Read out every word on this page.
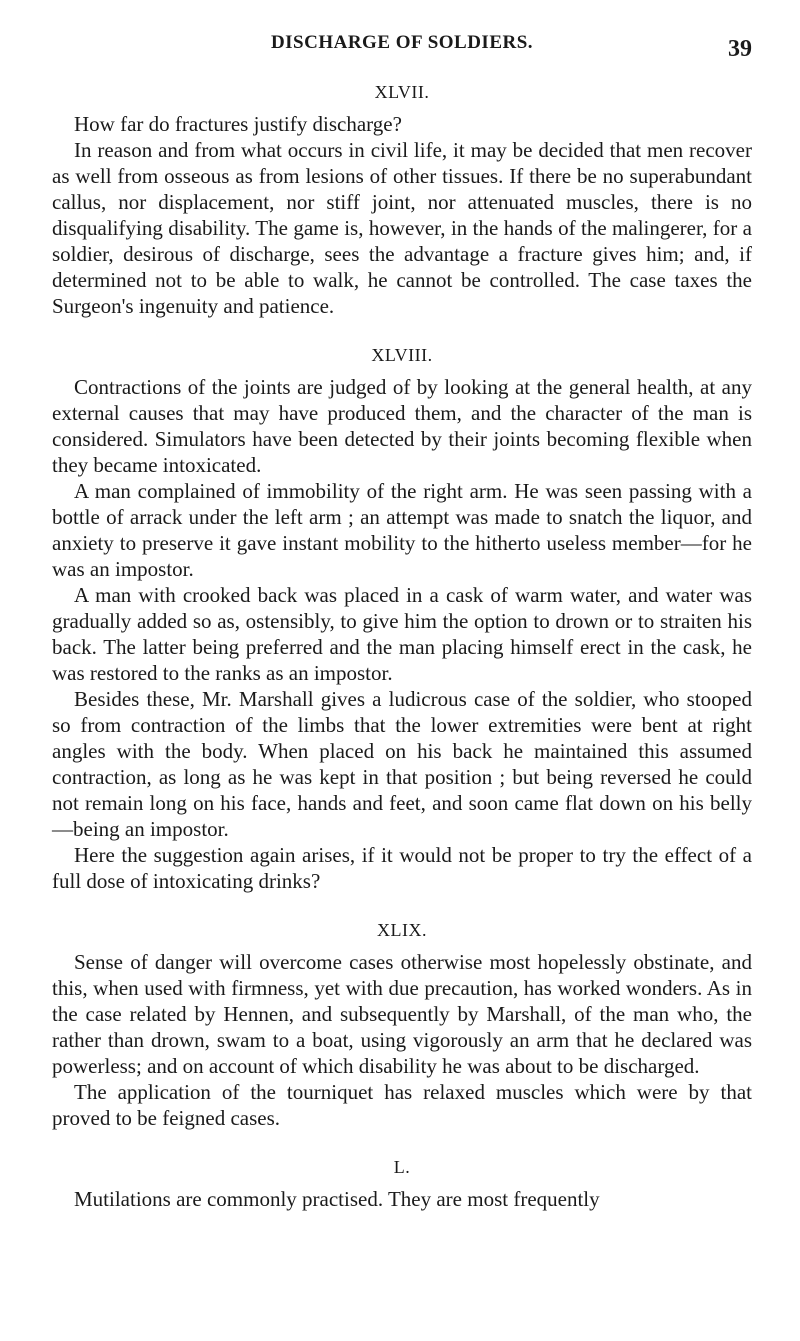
DISCHARGE OF SOLDIERS.	39
XLVII.

How far do fractures justify discharge?

In reason and from what occurs in civil life, it may be decided that men recover as well from osseous as from lesions of other tissues. If there be no superabundant callus, nor displacement, nor stiff joint, nor attenuated muscles, there is no disqualifying disability. The game is, however, in the hands of the malingerer, for a soldier, desirous of discharge, sees the advantage a fracture gives him; and, if determined not to be able to walk, he cannot be controlled. The case taxes the Surgeon's ingenuity and patience.

XLVIII.

Contractions of the joints are judged of by looking at the general health, at any external causes that may have produced them, and the character of the man is considered. Simulators have been detected by their joints becoming flexible when they became intoxicated.

A man complained of immobility of the right arm. He was seen passing with a bottle of arrack under the left arm ; an attempt was made to snatch the liquor, and anxiety to preserve it gave instant mobility to the hitherto useless member—for he was an impostor.

A man with crooked back was placed in a cask of warm water, and water was gradually added so as, ostensibly, to give him the option to drown or to straiten his back. The latter being preferred and the man placing himself erect in the cask, he was restored to the ranks as an impostor.

Besides these, Mr. Marshall gives a ludicrous case of the soldier, who stooped so from contraction of the limbs that the lower extremities were bent at right angles with the body. When placed on his back he maintained this assumed contraction, as long as he was kept in that position ; but being reversed he could not remain long on his face, hands and feet, and soon came flat down on his belly—being an impostor.

Here the suggestion again arises, if it would not be proper to try the effect of a full dose of intoxicating drinks?

XLIX.

Sense of danger will overcome cases otherwise most hopelessly obstinate, and this, when used with firmness, yet with due precaution, has worked wonders. As in the case related by Hennen, and subsequently by Marshall, of the man who, the rather than drown, swam to a boat, using vigorously an arm that he declared was powerless; and on account of which disability he was about to be discharged.

The application of the tourniquet has relaxed muscles which were by that proved to be feigned cases.

L.

Mutilations are commonly practised. They are most frequently
